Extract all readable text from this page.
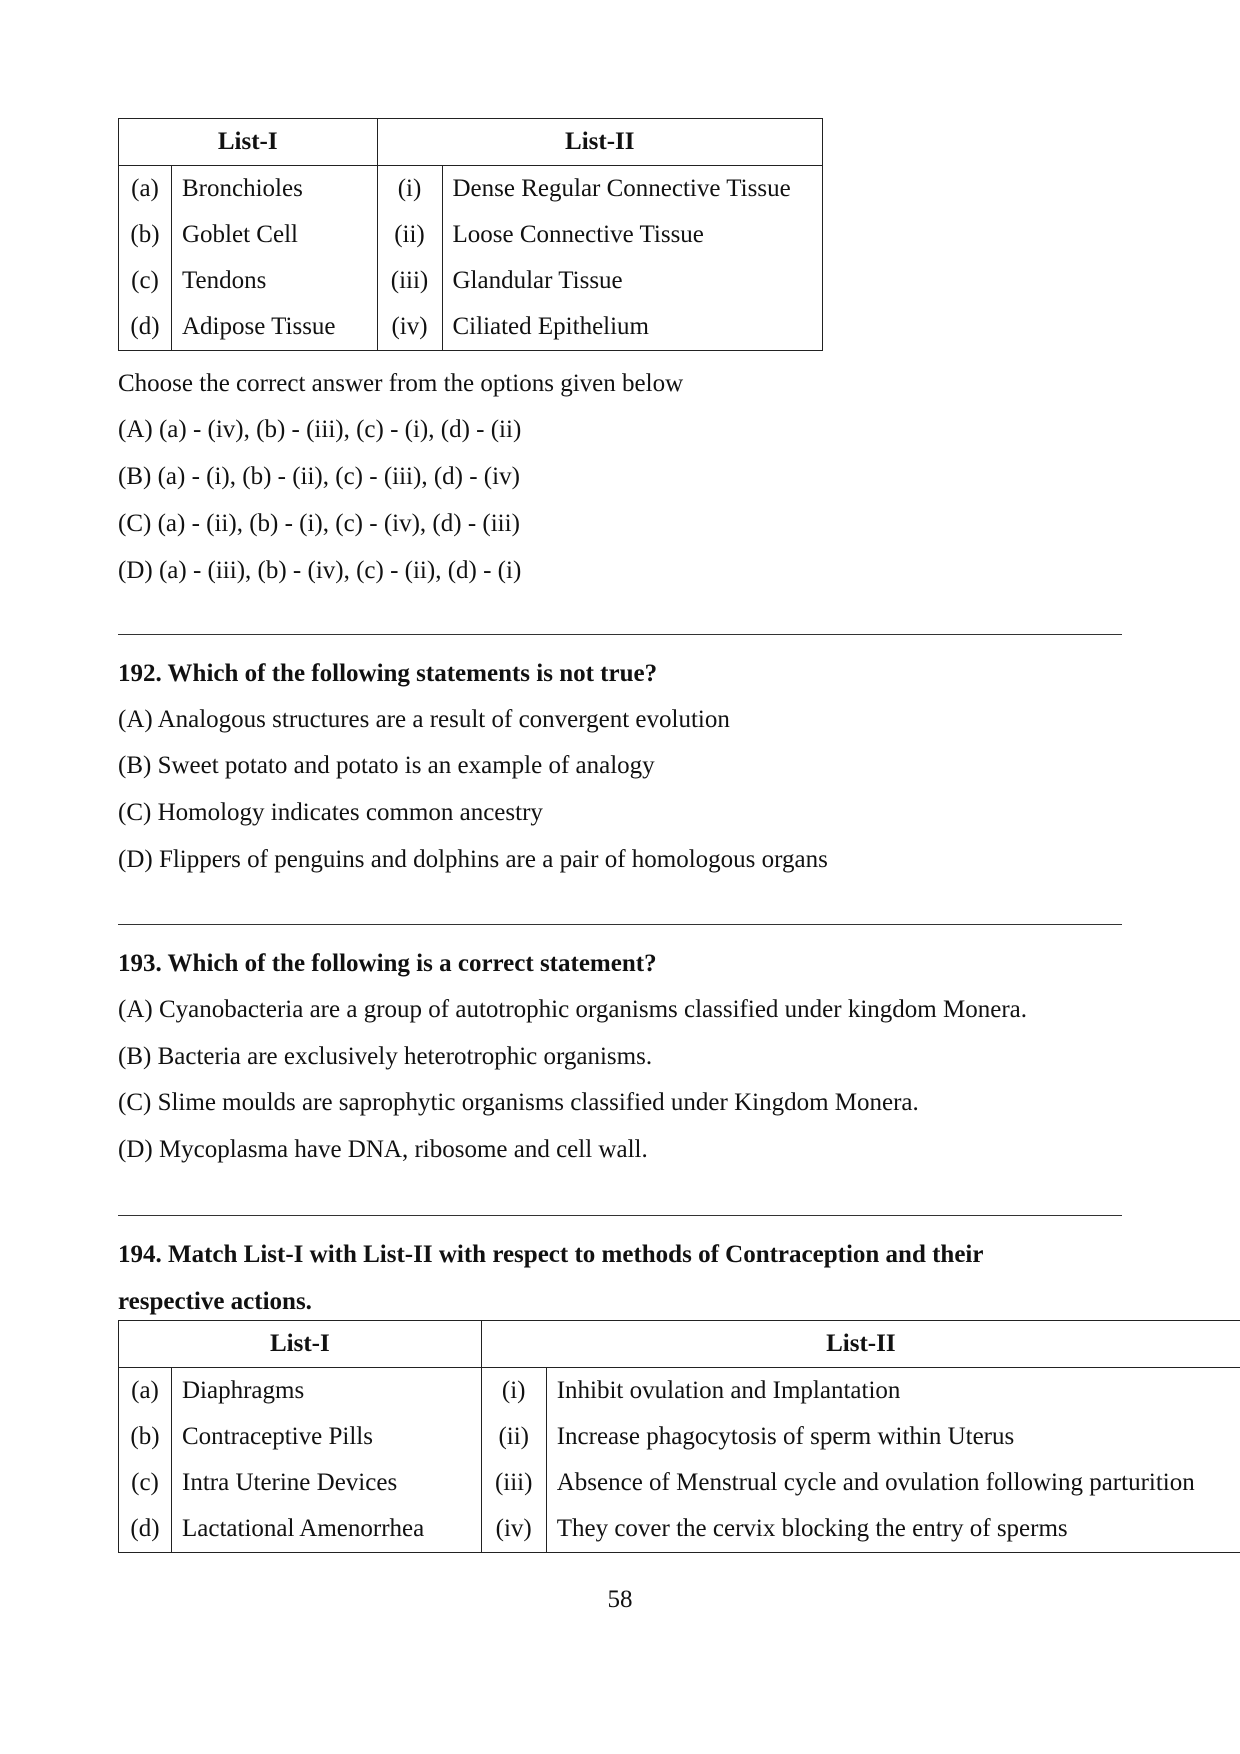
List-I		List-II	
(a)	Bronchioles	(i)	Dense Regular Connective Tissue
(b)	Goblet Cell	(ii)	Loose Connective Tissue
(c)	Tendons	(iii)	Glandular Tissue
(d)	Adipose Tissue	(iv)	Ciliated Epithelium
Choose the correct answer from the options given below
(A) (a) - (iv), (b) - (iii), (c) - (i), (d) - (ii)
(B) (a) - (i), (b) - (ii), (c) - (iii), (d) - (iv)
(C) (a) - (ii), (b) - (i), (c) - (iv), (d) - (iii)
(D) (a) - (iii), (b) - (iv), (c) - (ii), (d) - (i)
192. Which of the following statements is not true?
(A) Analogous structures are a result of convergent evolution
(B) Sweet potato and potato is an example of analogy
(C) Homology indicates common ancestry
(D) Flippers of penguins and dolphins are a pair of homologous organs
193. Which of the following is a correct statement?
(A) Cyanobacteria are a group of autotrophic organisms classified under kingdom Monera.
(B) Bacteria are exclusively heterotrophic organisms.
(C) Slime moulds are saprophytic organisms classified under Kingdom Monera.
(D) Mycoplasma have DNA, ribosome and cell wall.
194. Match List-I with List-II with respect to methods of Contraception and their
respective actions.
List-I		List-II	
(a)	Diaphragms	(i)	Inhibit ovulation and Implantation
(b)	Contraceptive Pills	(ii)	Increase phagocytosis of sperm within Uterus
(c)	Intra Uterine Devices	(iii)	Absence of Menstrual cycle and ovulation following parturition
(d)	Lactational Amenorrhea	(iv)	They cover the cervix blocking the entry of sperms
58
